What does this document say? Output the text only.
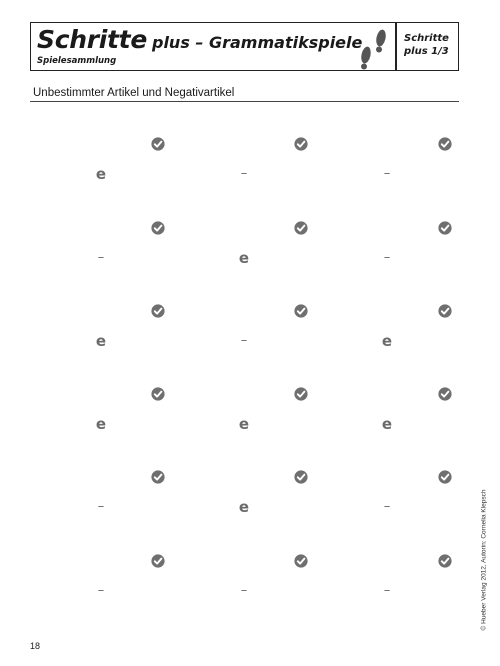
Schritte plus – Grammatikspiele
Spielesammlung
Schritte
plus 1/3
Unbestimmter Artikel und Negativartikel
e	–	–
–	e	–
e	–	e
e	e	e
–	e	–
–	–	–	© Hueber Verlag 2012, Autorin: Cornelia Klepsch
18
